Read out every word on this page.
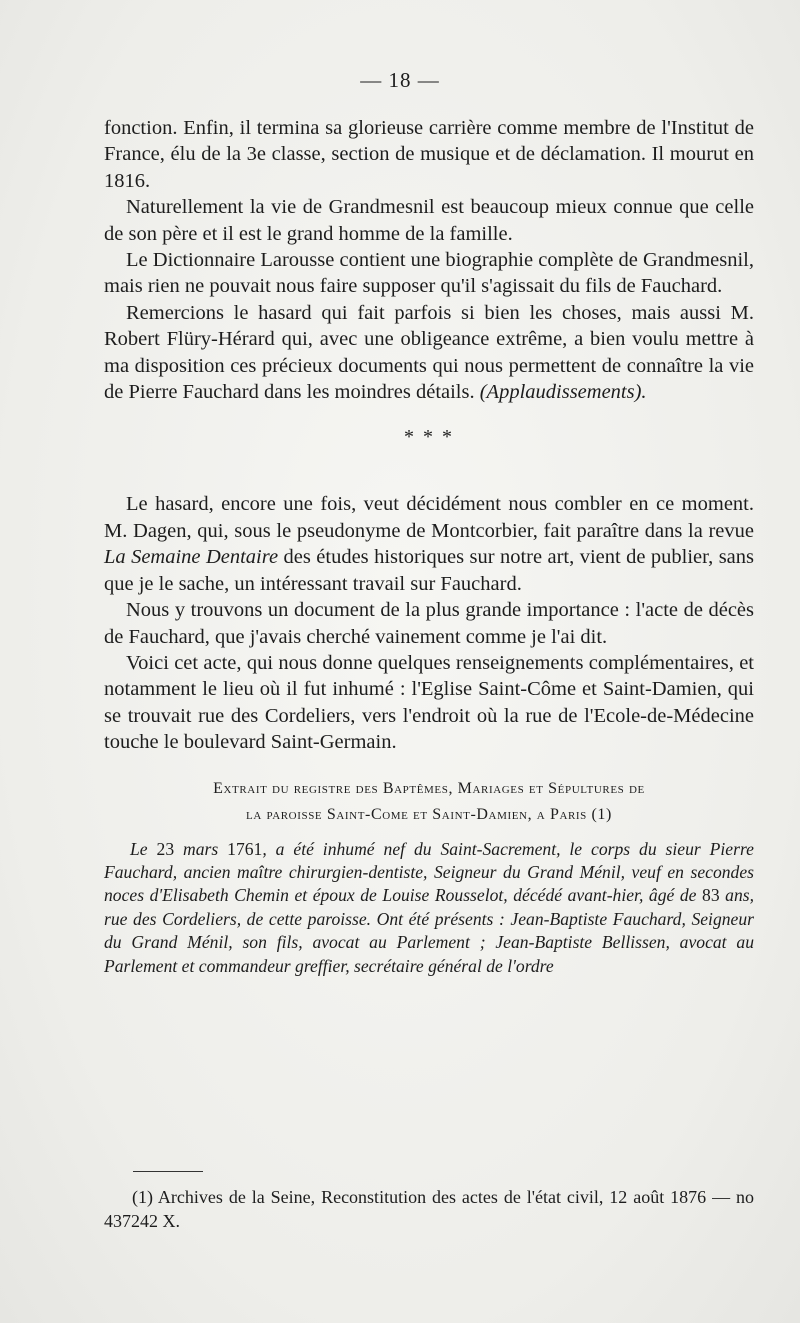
— 18 —

fonction. Enfin, il termina sa glorieuse carrière comme membre de l'Institut de France, élu de la 3e classe, section de musique et de déclamation. Il mourut en 1816.

Naturellement la vie de Grandmesnil est beaucoup mieux connue que celle de son père et il est le grand homme de la famille.

Le Dictionnaire Larousse contient une biographie complète de Grandmesnil, mais rien ne pouvait nous faire supposer qu'il s'agissait du fils de Fauchard.

Remercions le hasard qui fait parfois si bien les choses, mais aussi M. Robert Flüry-Hérard qui, avec une obligeance extrême, a bien voulu mettre à ma disposition ces précieux documents qui nous permettent de connaître la vie de Pierre Fauchard dans les moindres détails. (Applaudissements).

* * *

Le hasard, encore une fois, veut décidément nous combler en ce moment. M. Dagen, qui, sous le pseudonyme de Montcorbier, fait paraître dans la revue La Semaine Dentaire des études historiques sur notre art, vient de publier, sans que je le sache, un intéressant travail sur Fauchard.

Nous y trouvons un document de la plus grande importance : l'acte de décès de Fauchard, que j'avais cherché vainement comme je l'ai dit.

Voici cet acte, qui nous donne quelques renseignements complémentaires, et notamment le lieu où il fut inhumé : l'Eglise Saint-Côme et Saint-Damien, qui se trouvait rue des Cordeliers, vers l'endroit où la rue de l'Ecole-de-Médecine touche le boulevard Saint-Germain.

Extrait du registre des Baptêmes, Mariages et Sépultures de

la paroisse Saint-Come et Saint-Damien, a Paris (1)

Le 23 mars 1761, a été inhumé nef du Saint-Sacrement, le corps du sieur Pierre Fauchard, ancien maître chirurgien-dentiste, Seigneur du Grand Ménil, veuf en secondes noces d'Elisabeth Chemin et époux de Louise Rousselot, décédé avant-hier, âgé de 83 ans, rue des Cordeliers, de cette paroisse. Ont été présents : Jean-Baptiste Fauchard, Seigneur du Grand Ménil, son fils, avocat au Parlement ; Jean-Baptiste Bellissen, avocat au Parlement et commandeur greffier, secrétaire général de l'ordre

(1) Archives de la Seine, Reconstitution des actes de l'état civil, 12 août 1876 — no 437242 X.
